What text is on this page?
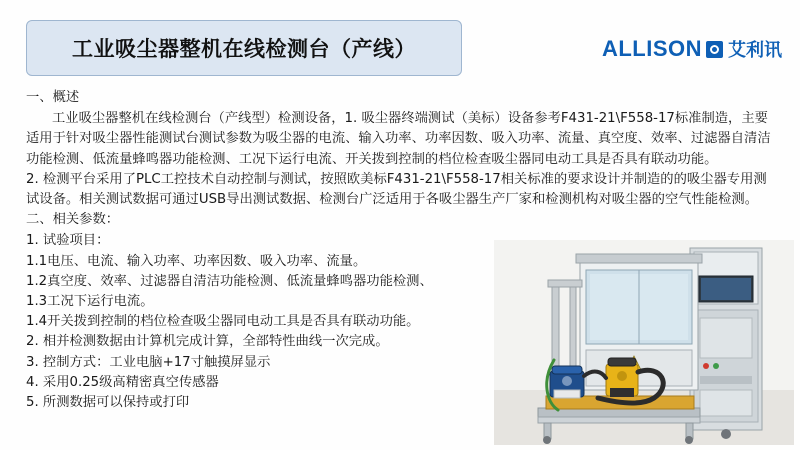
工业吸尘器整机在线检测台（产线）	ALLISON 艾利讯

一、概述

工业吸尘器整机在线检测台（产线型）检测设备，1. 吸尘器终端测试（美标）设备参考F431-21\F558-17标准制造，主要适用于针对吸尘器性能测试台测试参数为吸尘器的电流、输入功率、功率因数、吸入功率、流量、真空度、效率、过滤器自清洁功能检测、低流量蜂鸣器功能检测、工况下运行电流、开关拨到控制的档位检查吸尘器同电动工具是否具有联动功能。

2. 检测平台采用了PLC工控技术自动控制与测试，按照欧美标F431-21\F558-17相关标准的要求设计并制造的的吸尘器专用测试设备。相关测试数据可通过USB导出测试数据、检测台广泛适用于各吸尘器生产厂家和检测机构对吸尘器的空气性能检测。

二、相关参数：

1. 试验项目：

1.1电压、电流、输入功率、功率因数、吸入功率、流量。

1.2真空度、效率、过滤器自清洁功能检测、低流量蜂鸣器功能检测、

1.3工况下运行电流。

1.4开关拨到控制的档位检查吸尘器同电动工具是否具有联动功能。

2. 相并检测数据由计算机完成计算，全部特性曲线一次完成。

3. 控制方式：工业电脑+17寸触摸屏显示

4. 采用0.25级高精密真空传感器

5. 所测数据可以保持或打印
